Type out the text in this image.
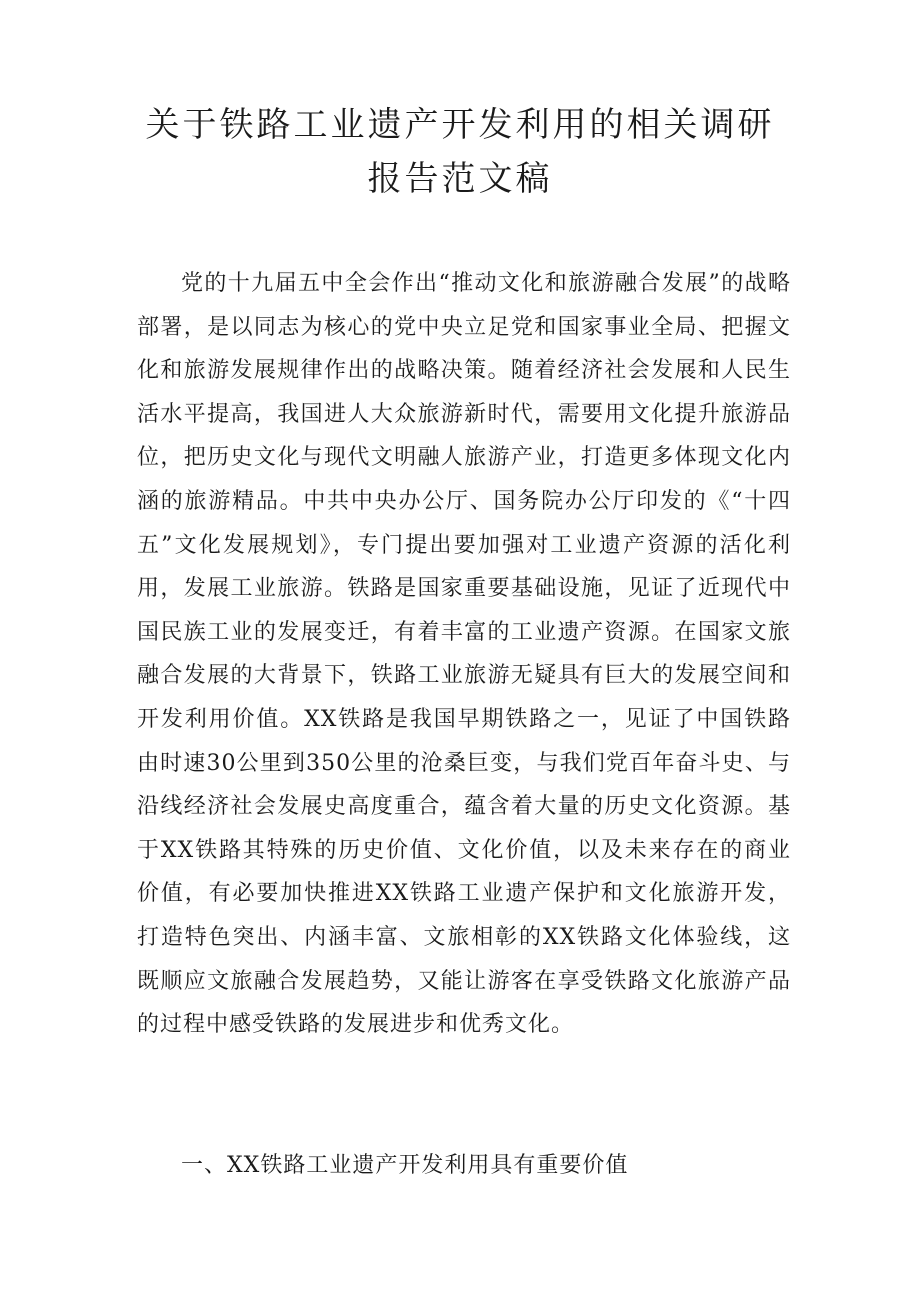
关于铁路工业遗产开发利用的相关调研报告范文稿

党的十九届五中全会作出“推动文化和旅游融合发展”的战略部署，是以同志为核心的党中央立足党和国家事业全局、把握文化和旅游发展规律作出的战略决策。随着经济社会发展和人民生活水平提高，我国进人大众旅游新时代，需要用文化提升旅游品位，把历史文化与现代文明融人旅游产业，打造更多体现文化内涵的旅游精品。中共中央办公厅、国务院办公厅印发的《“十四五”文化发展规划》，专门提出要加强对工业遗产资源的活化利用，发展工业旅游。铁路是国家重要基础设施，见证了近现代中国民族工业的发展变迁，有着丰富的工业遗产资源。在国家文旅融合发展的大背景下，铁路工业旅游无疑具有巨大的发展空间和开发利用价值。XX铁路是我国早期铁路之一，见证了中国铁路由时速30公里到350公里的沧桑巨变，与我们党百年奋斗史、与沿线经济社会发展史高度重合，蕴含着大量的历史文化资源。基于XX铁路其特殊的历史价值、文化价值，以及未来存在的商业价值，有必要加快推进XX铁路工业遗产保护和文化旅游开发，打造特色突出、内涵丰富、文旅相彰的XX铁路文化体验线，这既顺应文旅融合发展趋势，又能让游客在享受铁路文化旅游产品的过程中感受铁路的发展进步和优秀文化。

一、XX铁路工业遗产开发利用具有重要价值
